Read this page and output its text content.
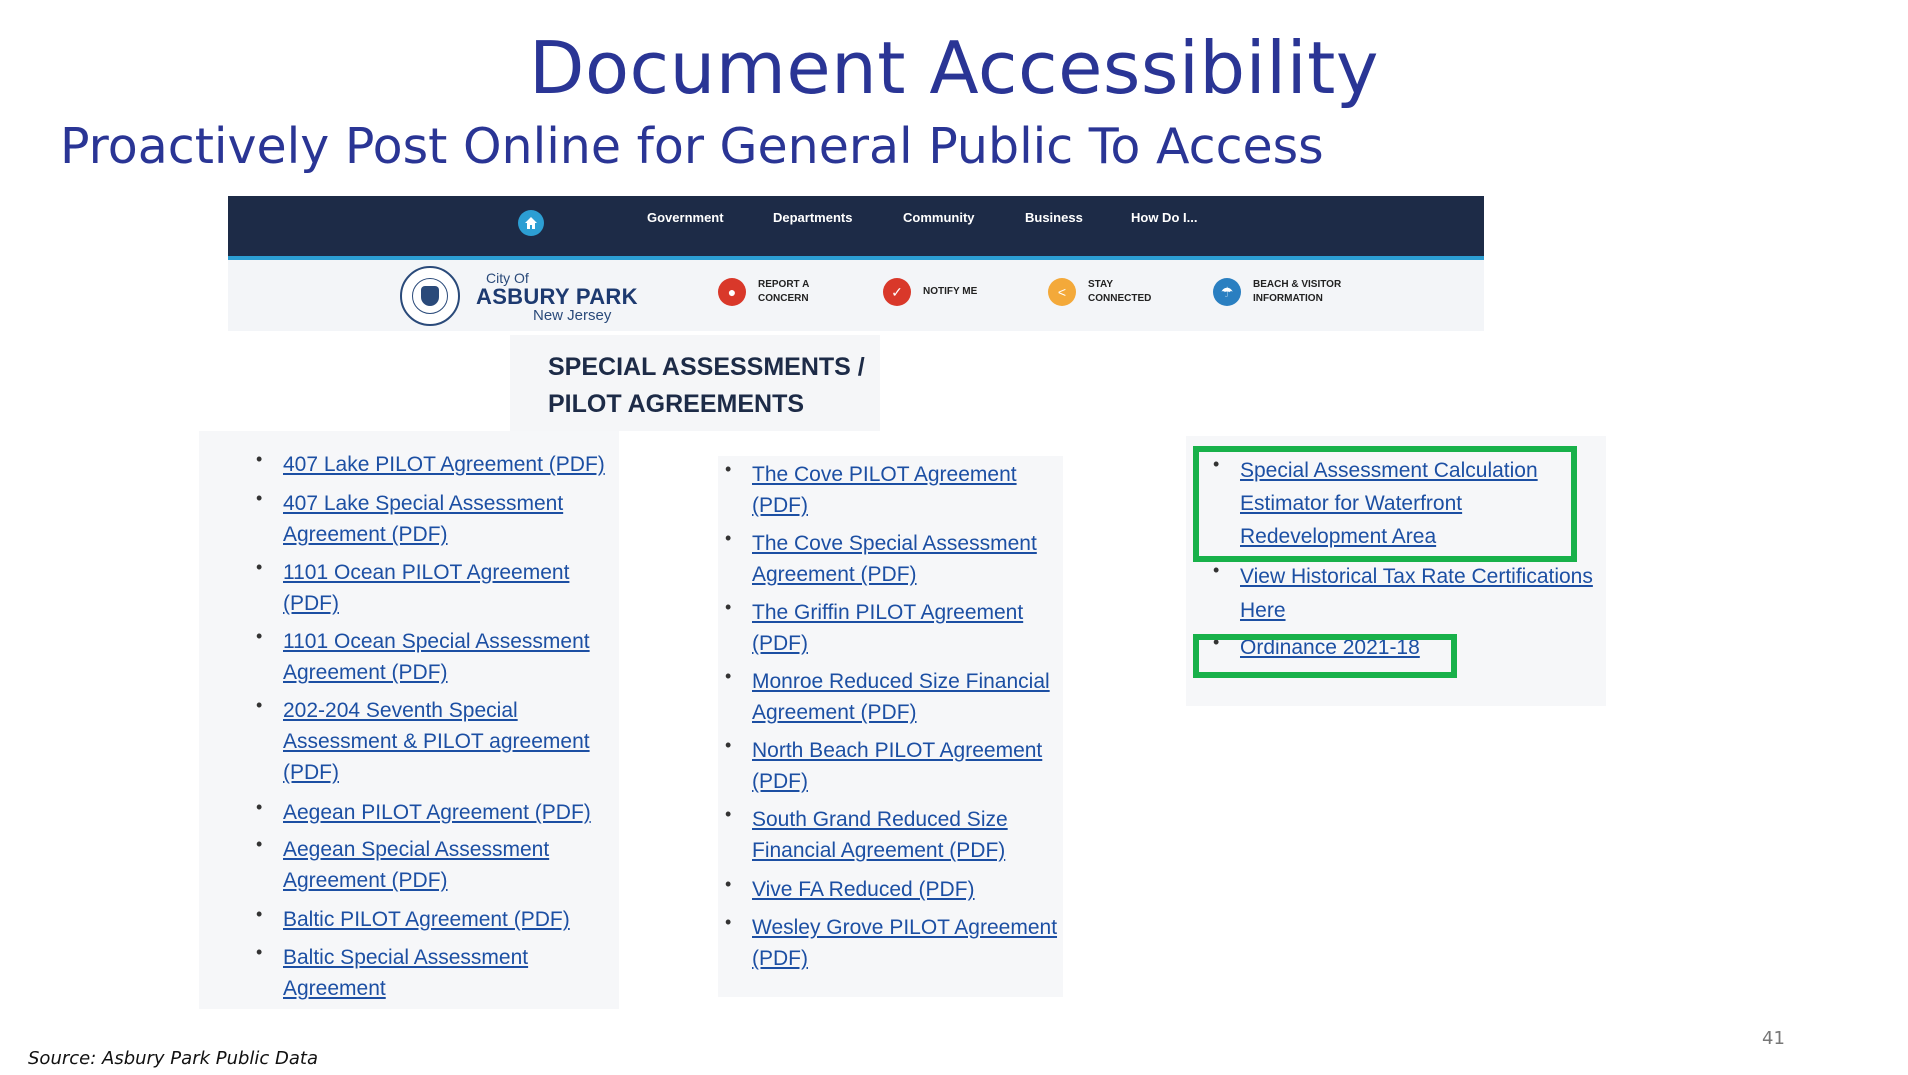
Document Accessibility
Proactively Post Online for General Public To Access
Government	Departments	Community	Business	How Do I...
City Of
ASBURY PARK
New Jersey
●	REPORT A CONCERN	✓	NOTIFY ME	<	STAY CONNECTED	☂	BEACH & VISITOR INFORMATION
SPECIAL ASSESSMENTS / PILOT AGREEMENTS
• 407 Lake PILOT Agreement (PDF)
• 407 Lake Special Assessment Agreement (PDF)
• 1101 Ocean PILOT Agreement (PDF)
• 1101 Ocean Special Assessment Agreement (PDF)
• 202-204 Seventh Special Assessment & PILOT agreement (PDF)
• Aegean PILOT Agreement (PDF)
• Aegean Special Assessment Agreement (PDF)
• Baltic PILOT Agreement (PDF)
• Baltic Special Assessment Agreement
• The Cove PILOT Agreement (PDF)
• The Cove Special Assessment Agreement (PDF)
• The Griffin PILOT Agreement (PDF)
• Monroe Reduced Size Financial Agreement (PDF)
• North Beach PILOT Agreement (PDF)
• South Grand Reduced Size Financial Agreement (PDF)
• Vive FA Reduced (PDF)
• Wesley Grove PILOT Agreement (PDF)
• Special Assessment Calculation Estimator for Waterfront Redevelopment Area
• View Historical Tax Rate Certifications Here
• Ordinance 2021-18
Source: Asbury Park Public Data
41
